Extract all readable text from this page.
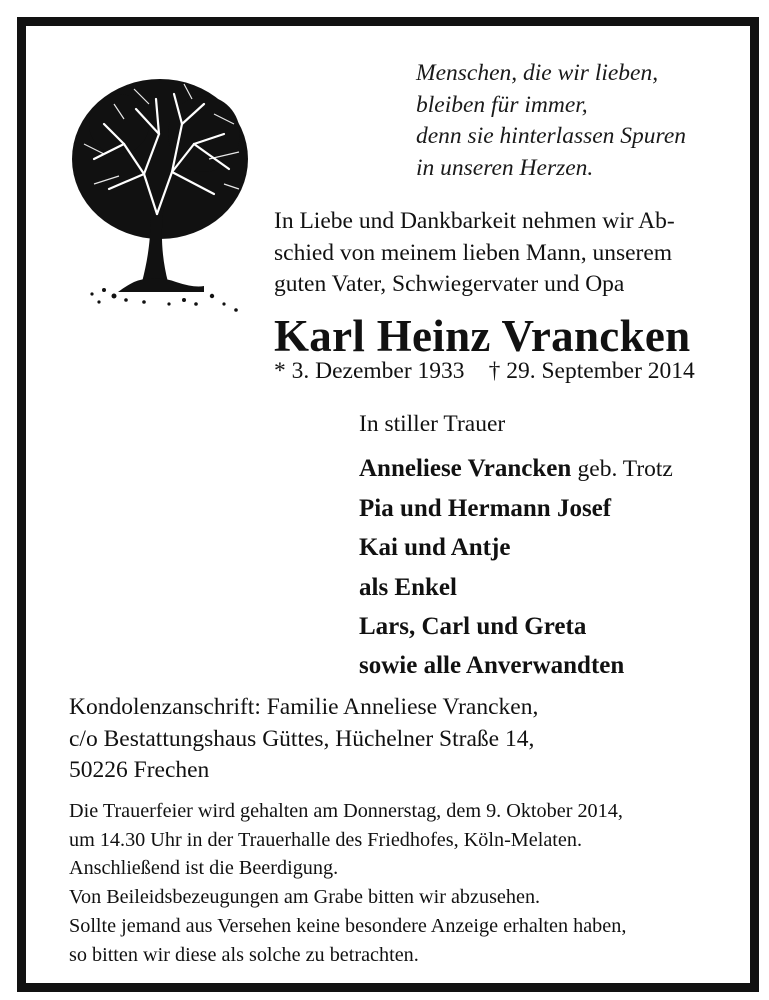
Menschen, die wir lieben,
bleiben für immer,
denn sie hinterlassen Spuren
in unseren Herzen.
In Liebe und Dankbarkeit nehmen wir Ab-
schied von meinem lieben Mann, unserem
guten Vater, Schwiegervater und Opa
Karl Heinz Vrancken
* 3. Dezember 1933 † 29. September 2014
In stiller Trauer
Anneliese Vrancken geb. Trotz
Pia und Hermann Josef
Kai und Antje
als Enkel
Lars, Carl und Greta
sowie alle Anverwandten
Kondolenzanschrift: Familie Anneliese Vrancken,
c/o Bestattungshaus Güttes, Hüchelner Straße 14,
50226 Frechen
Die Trauerfeier wird gehalten am Donnerstag, dem 9. Oktober 2014,
um 14.30 Uhr in der Trauerhalle des Friedhofes, Köln-Melaten.
Anschließend ist die Beerdigung.
Von Beileidsbezeugungen am Grabe bitten wir abzusehen.
Sollte jemand aus Versehen keine besondere Anzeige erhalten haben,
so bitten wir diese als solche zu betrachten.
